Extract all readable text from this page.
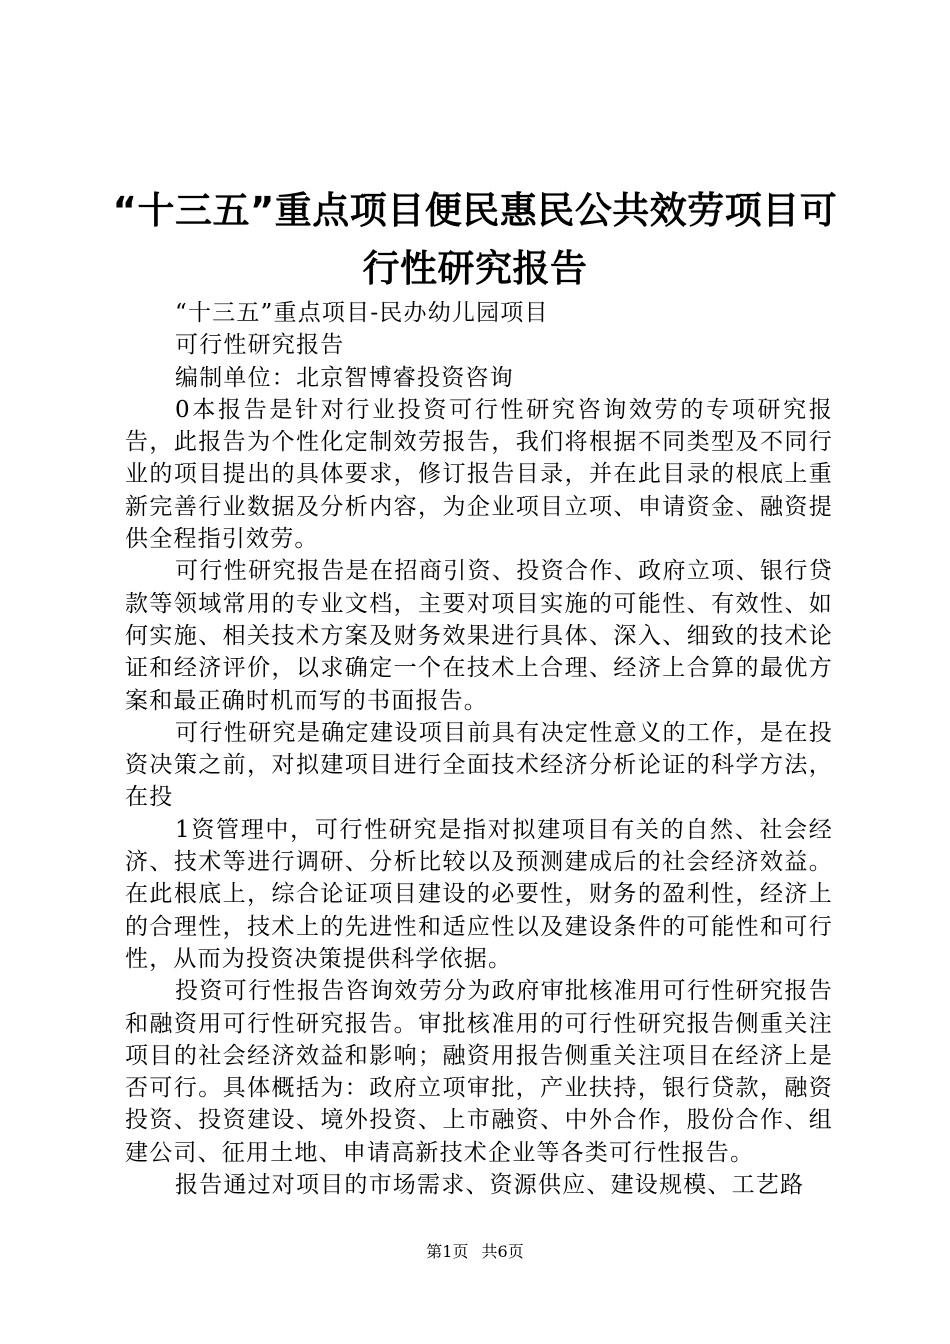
“十三五”重点项目便民惠民公共效劳项目可
行性研究报告

“十三五”重点项目-民办幼儿园项目

可行性研究报告

编制单位：北京智博睿投资咨询

0本报告是针对行业投资可行性研究咨询效劳的专项研究报告，此报告为个性化定制效劳报告，我们将根据不同类型及不同行业的项目提出的具体要求，修订报告目录，并在此目录的根底上重新完善行业数据及分析内容，为企业项目立项、申请资金、融资提供全程指引效劳。

可行性研究报告是在招商引资、投资合作、政府立项、银行贷款等领域常用的专业文档，主要对项目实施的可能性、有效性、如何实施、相关技术方案及财务效果进行具体、深入、细致的技术论证和经济评价，以求确定一个在技术上合理、经济上合算的最优方案和最正确时机而写的书面报告。

可行性研究是确定建设项目前具有决定性意义的工作，是在投资决策之前，对拟建项目进行全面技术经济分析论证的科学方法，在投

1资管理中，可行性研究是指对拟建项目有关的自然、社会经济、技术等进行调研、分析比较以及预测建成后的社会经济效益。在此根底上，综合论证项目建设的必要性，财务的盈利性，经济上的合理性，技术上的先进性和适应性以及建设条件的可能性和可行性，从而为投资决策提供科学依据。

投资可行性报告咨询效劳分为政府审批核准用可行性研究报告和融资用可行性研究报告。审批核准用的可行性研究报告侧重关注项目的社会经济效益和影响；融资用报告侧重关注项目在经济上是否可行。具体概括为：政府立项审批，产业扶持，银行贷款，融资投资、投资建设、境外投资、上市融资、中外合作，股份合作、组建公司、征用土地、申请高新技术企业等各类可行性报告。

报告通过对项目的市场需求、资源供应、建设规模、工艺路

第1页 共6页
